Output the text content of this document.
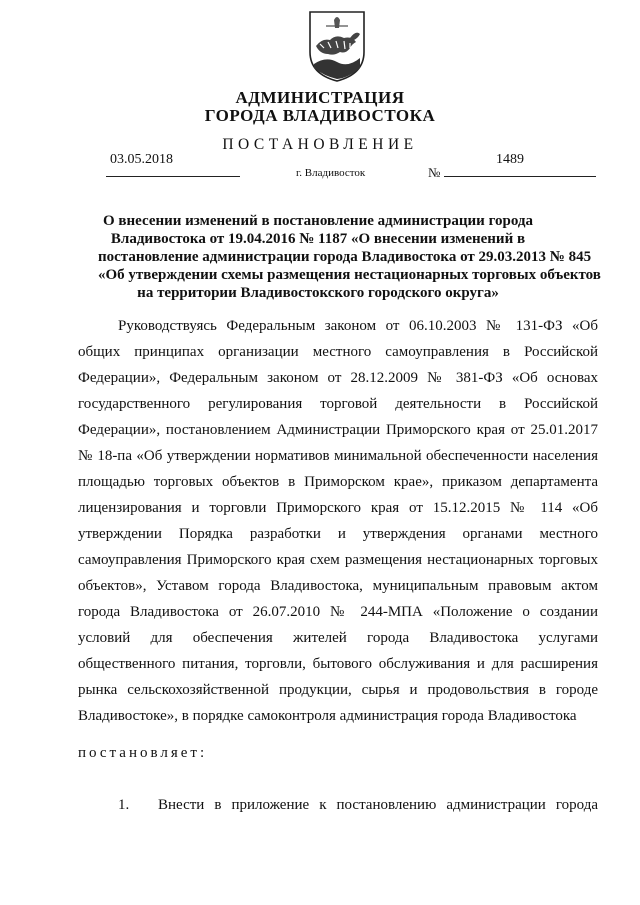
АДМИНИСТРАЦИЯ
ГОРОДА ВЛАДИВОСТОКА
ПОСТАНОВЛЕНИЕ
03.05.2018
г. Владивосток	№
1489
О внесении изменений в постановление администрации города
Владивостока от 19.04.2016 № 1187 «О внесении изменений в
постановление администрации города Владивостока от 29.03.2013 № 845
«Об утверждении схемы размещения нестационарных торговых объектов
на территории Владивостокского городского округа»
Руководствуясь Федеральным законом от 06.10.2003 № 131-ФЗ «Об
общих принципах организации местного самоуправления в Российской
Федерации», Федеральным законом от 28.12.2009 № 381-ФЗ «Об основах
государственного регулирования торговой деятельности в Российской
Федерации», постановлением Администрации Приморского края от 25.01.2017
№ 18-па «Об утверждении нормативов минимальной обеспеченности населения
площадью торговых объектов в Приморском крае», приказом департамента
лицензирования и торговли Приморского края от 15.12.2015 № 114 «Об
утверждении Порядка разработки и утверждения органами местного
самоуправления Приморского края схем размещения нестационарных торговых
объектов», Уставом города Владивостока, муниципальным правовым актом
города Владивостока от 26.07.2010 № 244-МПА «Положение о создании
условий для обеспечения жителей города Владивостока услугами
общественного питания, торговли, бытового обслуживания и для расширения
рынка сельскохозяйственной продукции, сырья и продовольствия в городе
Владивостоке», в порядке самоконтроля администрация города Владивостока
постановляет:
1. Внести в приложение к постановлению администрации города
